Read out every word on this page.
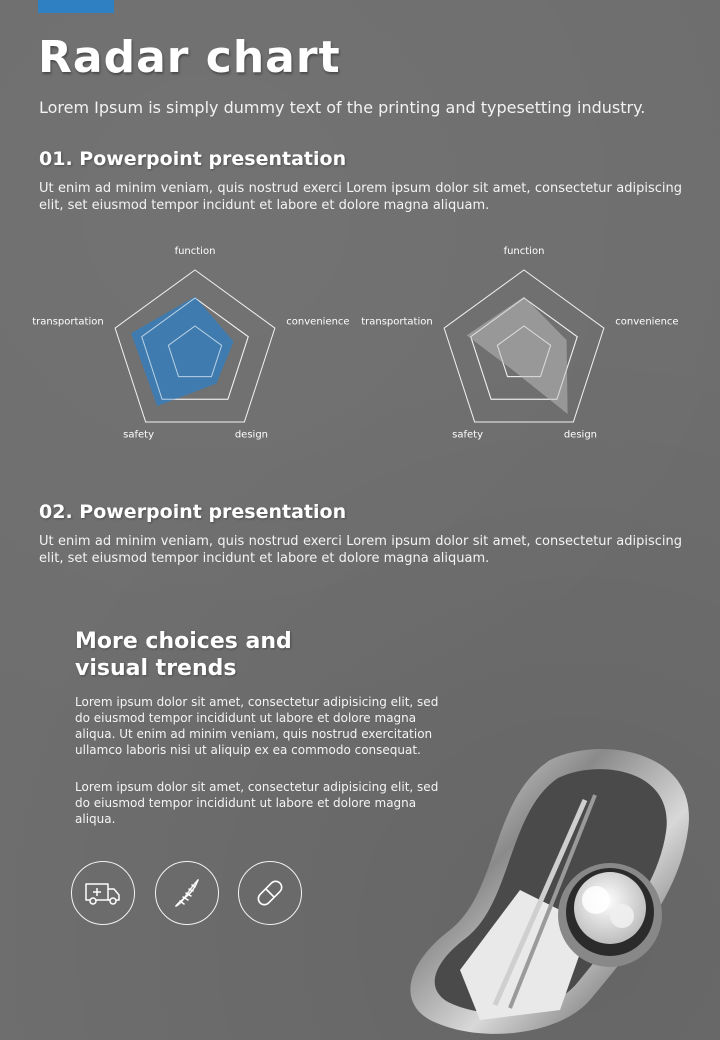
Radar chart
Lorem Ipsum is simply dummy text of the printing and typesetting industry.
01. Powerpoint presentation
Ut enim ad minim veniam, quis nostrud exerci Lorem ipsum dolor sit amet, consectetur adipiscing elit, set eiusmod tempor incidunt et labore et dolore magna aliquam.
function
convenience
design
safety
transportation
function
convenience
design
safety
transportation
02. Powerpoint presentation
Ut enim ad minim veniam, quis nostrud exerci Lorem ipsum dolor sit amet, consectetur adipiscing elit, set eiusmod tempor incidunt et labore et dolore magna aliquam.
More choices and
visual trends

Lorem ipsum dolor sit amet, consectetur adipisicing elit, sed do eiusmod tempor incididunt ut labore et dolore magna aliqua. Ut enim ad minim veniam, quis nostrud exercitation ullamco laboris nisi ut aliquip ex ea commodo consequat.

Lorem ipsum dolor sit amet, consectetur adipisicing elit, sed do eiusmod tempor incididunt ut labore et dolore magna aliqua.
